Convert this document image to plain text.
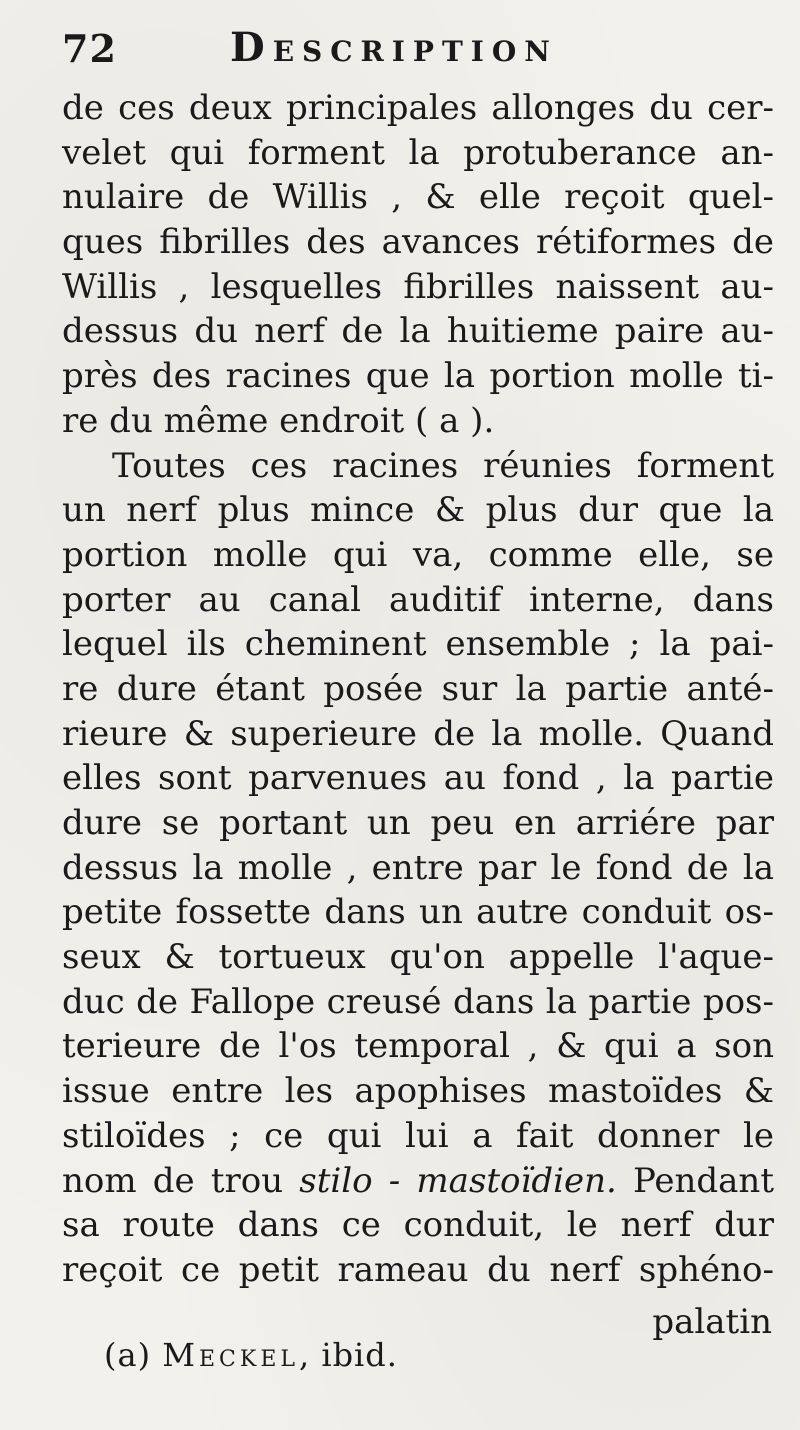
72	Description
de ces deux principales allonges du cer-
velet qui forment la protuberance an-
nulaire de Willis , & elle reçoit quel-
ques fibrilles des avances rétiformes de
Willis , lesquelles fibrilles naissent au-
dessus du nerf de la huitieme paire au-
près des racines que la portion molle ti-
re du même endroit ( a ).
Toutes ces racines réunies forment
un nerf plus mince & plus dur que la
portion molle qui va, comme elle, se
porter au canal auditif interne, dans
lequel ils cheminent ensemble ; la pai-
re dure étant posée sur la partie anté-
rieure & superieure de la molle. Quand
elles sont parvenues au fond , la partie
dure se portant un peu en arriére par
dessus la molle , entre par le fond de la
petite fossette dans un autre conduit os-
seux & tortueux qu'on appelle l'aque-
duc de Fallope creusé dans la partie pos-
terieure de l'os temporal , & qui a son
issue entre les apophises mastoïdes &
stiloïdes ; ce qui lui a fait donner le
nom de trou stilo - mastoïdien. Pendant
sa route dans ce conduit, le nerf dur
reçoit ce petit rameau du nerf sphéno-
palatin
(a) Meckel, ibid.
